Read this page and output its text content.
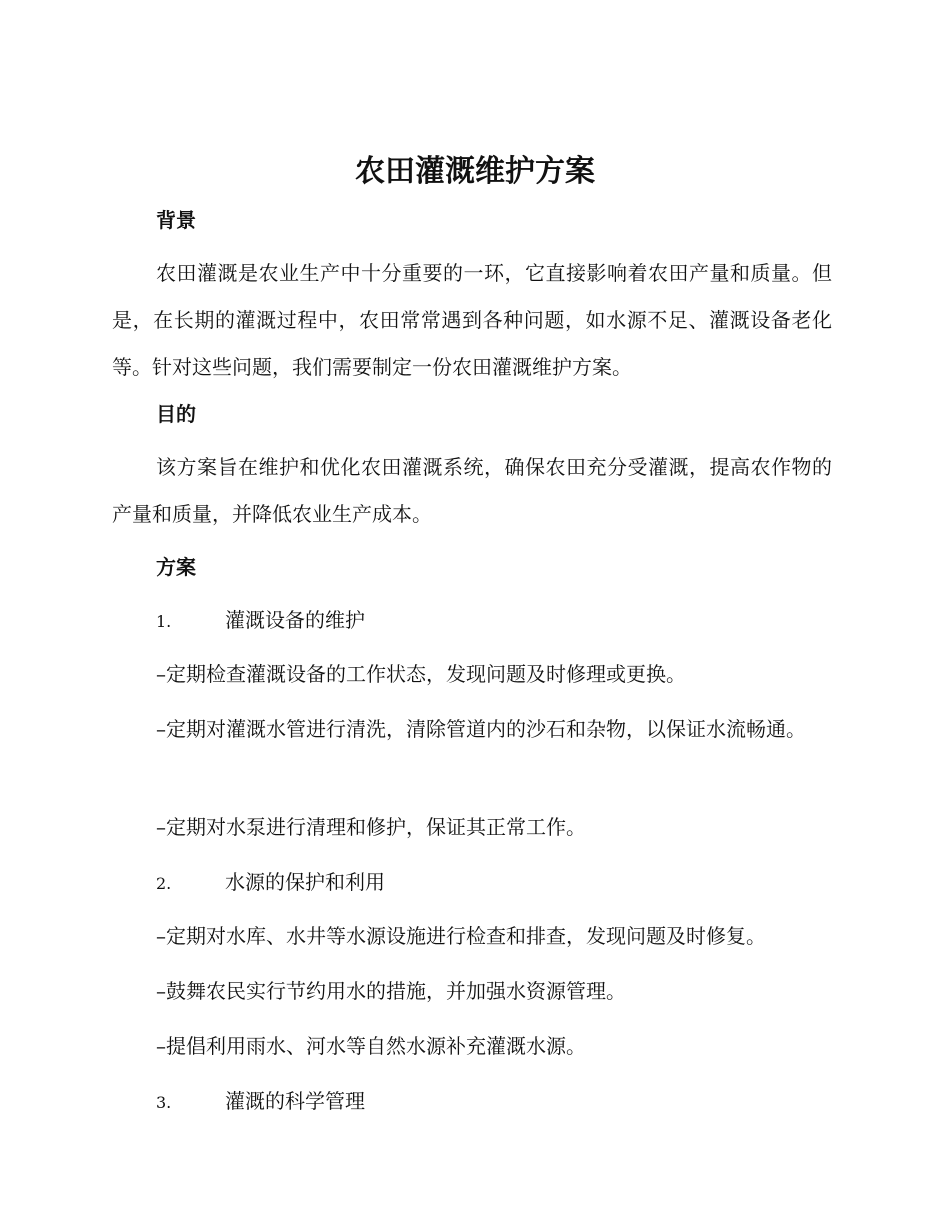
农田灌溉维护方案
背景

农田灌溉是农业生产中十分重要的一环，它直接影响着农田产量和质量。但是，在长期的灌溉过程中，农田常常遇到各种问题，如水源不足、灌溉设备老化等。针对这些问题，我们需要制定一份农田灌溉维护方案。

目的

该方案旨在维护和优化农田灌溉系统，确保农田充分受灌溉，提高农作物的产量和质量，并降低农业生产成本。

方案

1.	灌溉设备的维护

–定期检查灌溉设备的工作状态，发现问题及时修理或更换。

–定期对灌溉水管进行清洗，清除管道内的沙石和杂物，以保证水流畅通。

–定期对水泵进行清理和修护，保证其正常工作。

2.	水源的保护和利用

–定期对水库、水井等水源设施进行检查和排查，发现问题及时修复。

–鼓舞农民实行节约用水的措施，并加强水资源管理。

–提倡利用雨水、河水等自然水源补充灌溉水源。

3.	灌溉的科学管理
